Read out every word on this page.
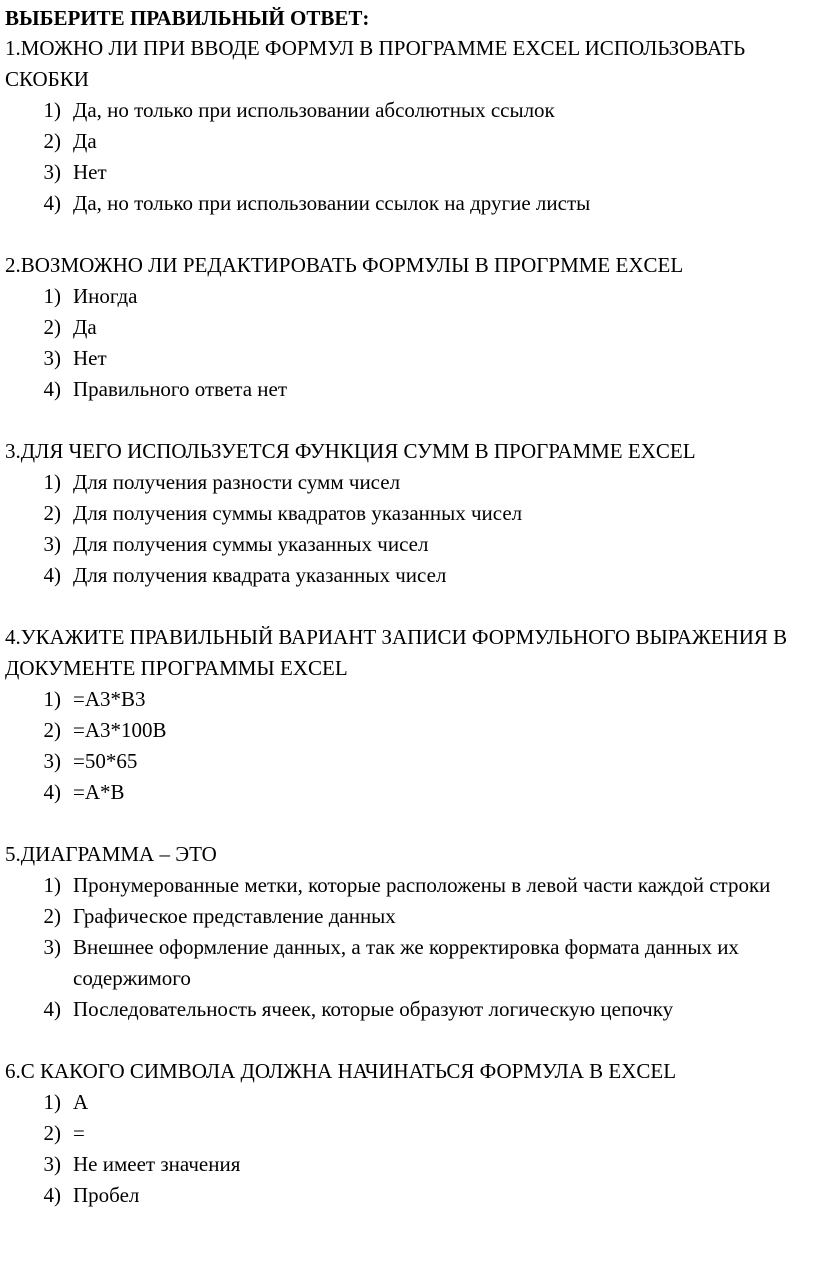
ВЫБЕРИТЕ ПРАВИЛЬНЫЙ ОТВЕТ:
1.МОЖНО ЛИ ПРИ ВВОДЕ ФОРМУЛ В ПРОГРАММЕ EXCEL ИСПОЛЬЗОВАТЬ СКОБКИ
1) Да, но только при использовании абсолютных ссылок
2) Да
3) Нет
4) Да, но только при использовании ссылок на другие листы
2.ВОЗМОЖНО ЛИ РЕДАКТИРОВАТЬ ФОРМУЛЫ В ПРОГРММЕ EXCEL
1) Иногда
2) Да
3) Нет
4) Правильного ответа нет
3.ДЛЯ ЧЕГО ИСПОЛЬЗУЕТСЯ ФУНКЦИЯ СУММ В ПРОГРАММЕ EXCEL
1) Для получения разности сумм чисел
2) Для получения суммы квадратов указанных чисел
3) Для получения суммы указанных чисел
4) Для получения квадрата указанных чисел
4.УКАЖИТЕ ПРАВИЛЬНЫЙ ВАРИАНТ ЗАПИСИ ФОРМУЛЬНОГО ВЫРАЖЕНИЯ В ДОКУМЕНТЕ ПРОГРАММЫ EXCEL
1) =А3*В3
2) =А3*100В
3) =50*65
4) =А*В
5.ДИАГРАММА – ЭТО
1) Пронумерованные метки, которые расположены в левой части каждой строки
2) Графическое представление данных
3) Внешнее оформление данных, а так же корректировка формата данных их содержимого
4) Последовательность ячеек, которые образуют логическую цепочку
6.С КАКОГО СИМВОЛА ДОЛЖНА НАЧИНАТЬСЯ ФОРМУЛА В EXCEL
1) А
2) =
3) Не имеет значения
4) Пробел
